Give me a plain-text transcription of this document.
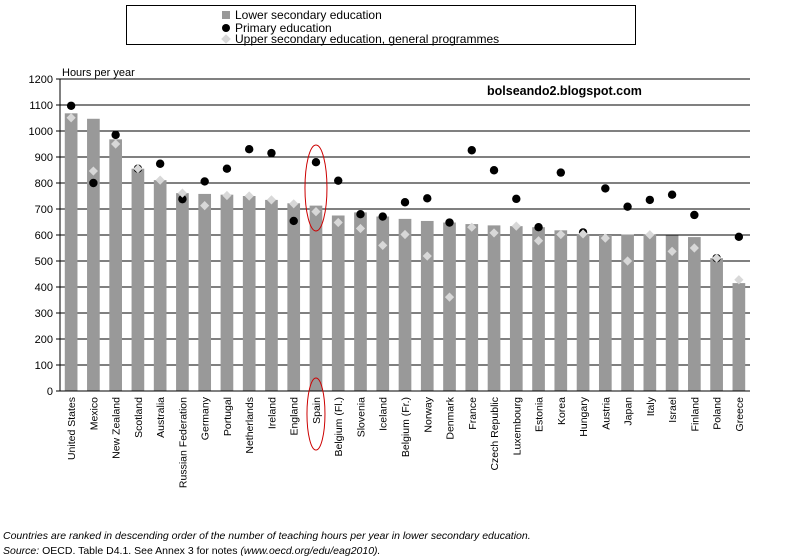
Lower secondary education
Primary education
Upper secondary education, general programmes
0
100
200
300
400
500
600
700
800
900
1000
1100
1200
United States Mexico New Zealand Scotland Australia Russian Federation Germany Portugal Netherlands Ireland England Spain Belgium (Fl.) Slovenia Iceland Belgium (Fr.) Norway Denmark France Czech Republic Luxembourg Estonia Korea Hungary Austria Japan Italy Israel Finland Poland Greece
Hours per year
bolseando2.blogspot.com
Countries are ranked in descending order of the number of teaching hours per year in lower secondary education.
Source: OECD. Table D4.1. See Annex 3 for notes (www.oecd.org/edu/eag2010).
